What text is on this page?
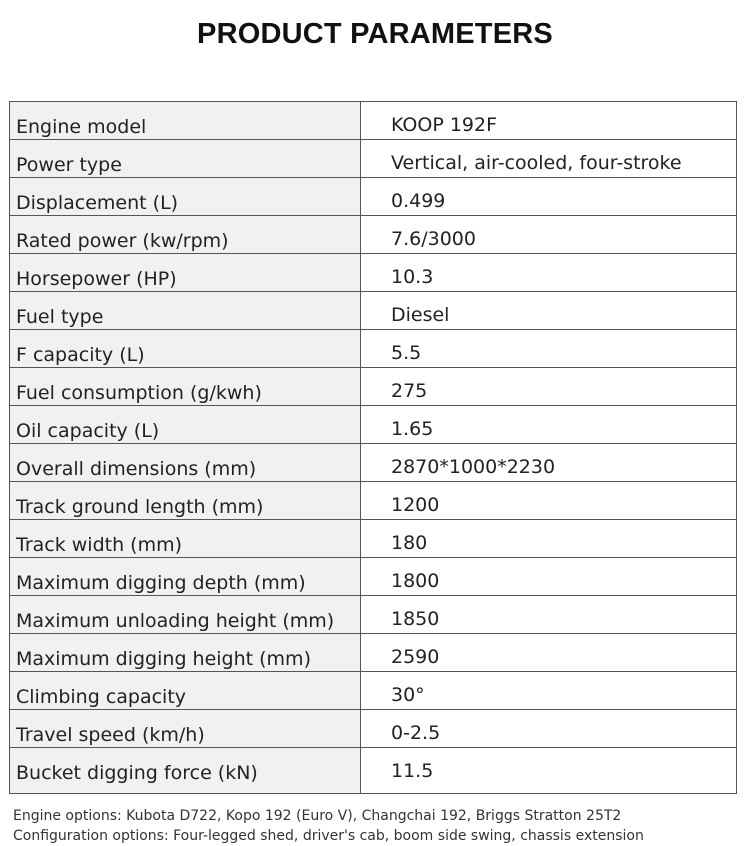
PRODUCT PARAMETERS
Engine model	KOOP 192F
Power type	Vertical, air-cooled, four-stroke
Displacement (L)	0.499
Rated power (kw/rpm)	7.6/3000
Horsepower (HP)	10.3
Fuel type	Diesel
F capacity (L)	5.5
Fuel consumption (g/kwh)	275
Oil capacity (L)	1.65
Overall dimensions (mm)	2870*1000*2230
Track ground length (mm)	1200
Track width (mm)	180
Maximum digging depth (mm)	1800
Maximum unloading height (mm)	1850
Maximum digging height (mm)	2590
Climbing capacity	30°
Travel speed (km/h)	0-2.5
Bucket digging force (kN)	11.5
Engine options: Kubota D722, Kopo 192 (Euro V), Changchai 192, Briggs Stratton 25T2
Configuration options: Four-legged shed, driver's cab, boom side swing, chassis extension
